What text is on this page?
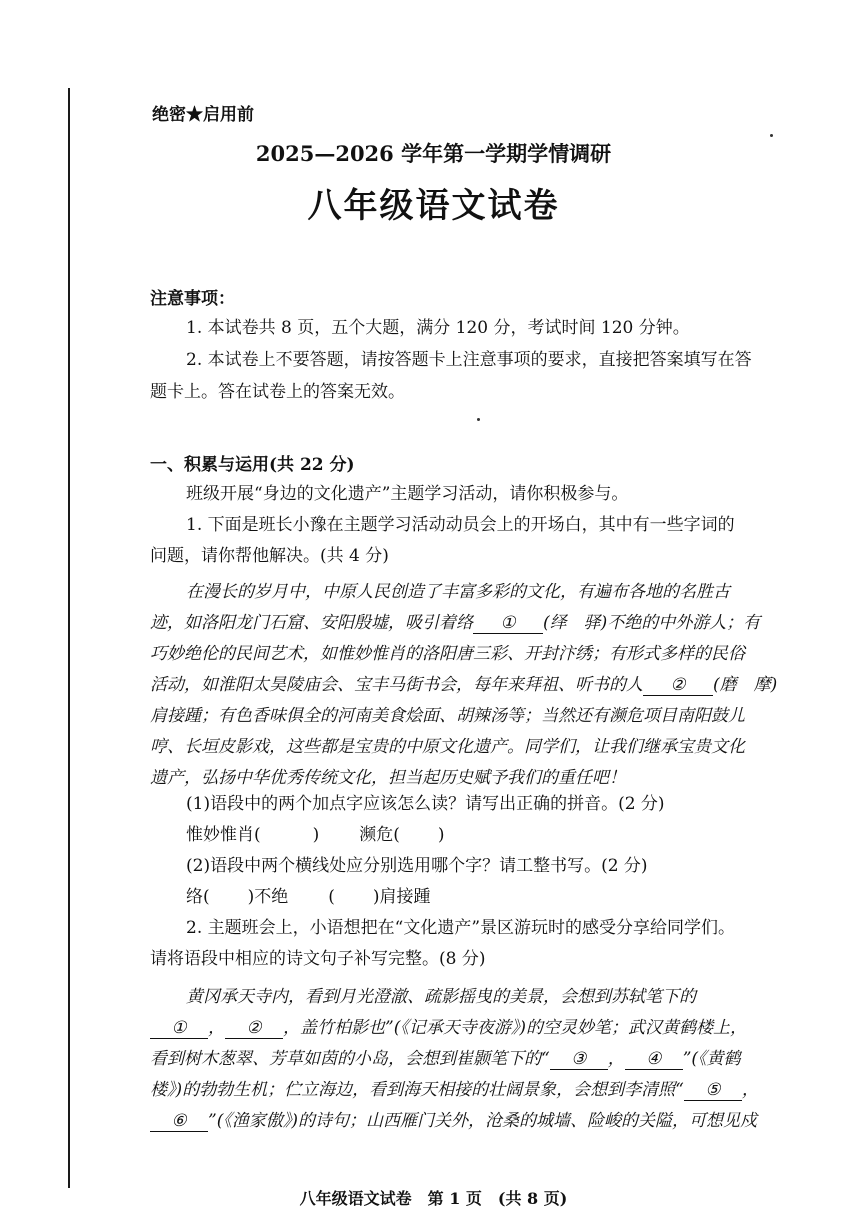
绝密★启用前
2025—2026 学年第一学期学情调研
八年级语文试卷
注意事项：
1. 本试卷共 8 页，五个大题，满分 120 分，考试时间 120 分钟。
2. 本试卷上不要答题，请按答题卡上注意事项的要求，直接把答案填写在答
题卡上。答在试卷上的答案无效。
一、积累与运用(共 22 分)
班级开展“身边的文化遗产”主题学习活动，请你积极参与。
1. 下面是班长小豫在主题学习活动动员会上的开场白，其中有一些字词的
问题，请你帮他解决。(共 4 分)
在漫长的岁月中，中原人民创造了丰富多彩的文化，有遍布各地的名胜古
迹，如洛阳龙门石窟、安阳殷墟，吸引着络 ① (绎　驿)不绝的中外游人；有
巧妙绝伦的民间艺术，如惟妙惟肖的洛阳唐三彩、开封汴绣；有形式多样的民俗
活动，如淮阳太昊陵庙会、宝丰马街书会，每年来拜祖、听书的人 ② (磨　摩)
肩接踵；有色香味俱全的河南美食烩面、胡辣汤等；当然还有濒危项目南阳鼓儿
哼、长垣皮影戏，这些都是宝贵的中原文化遗产。同学们，让我们继承宝贵文化
遗产，弘扬中华优秀传统文化，担当起历史赋予我们的重任吧！
(1)语段中的两个加点字应该怎么读？请写出正确的拼音。(2 分)
惟妙惟肖(	) 濒危( )
(2)语段中两个横线处应分别选用哪个字？请工整书写。(2 分)
络( )不绝 ( )肩接踵
2. 主题班会上，小语想把在“文化遗产”景区游玩时的感受分享给同学们。
请将语段中相应的诗文句子补写完整。(8 分)
黄冈承天寺内，看到月光澄澈、疏影摇曳的美景，会想到苏轼笔下的
① ， ② ，盖竹柏影也”(《记承天寺夜游》)的空灵妙笔；武汉黄鹤楼上，
看到树木葱翠、芳草如茵的小岛，会想到崔颢笔下的“ ③ ， ④ ”(《黄鹤
楼》)的勃勃生机；伫立海边，看到海天相接的壮阔景象，会想到李清照“ ⑤ ，
⑥ ”(《渔家傲》)的诗句；山西雁门关外，沧桑的城墙、险峻的关隘，可想见戍
八年级语文试卷　第 1 页　(共 8 页)
